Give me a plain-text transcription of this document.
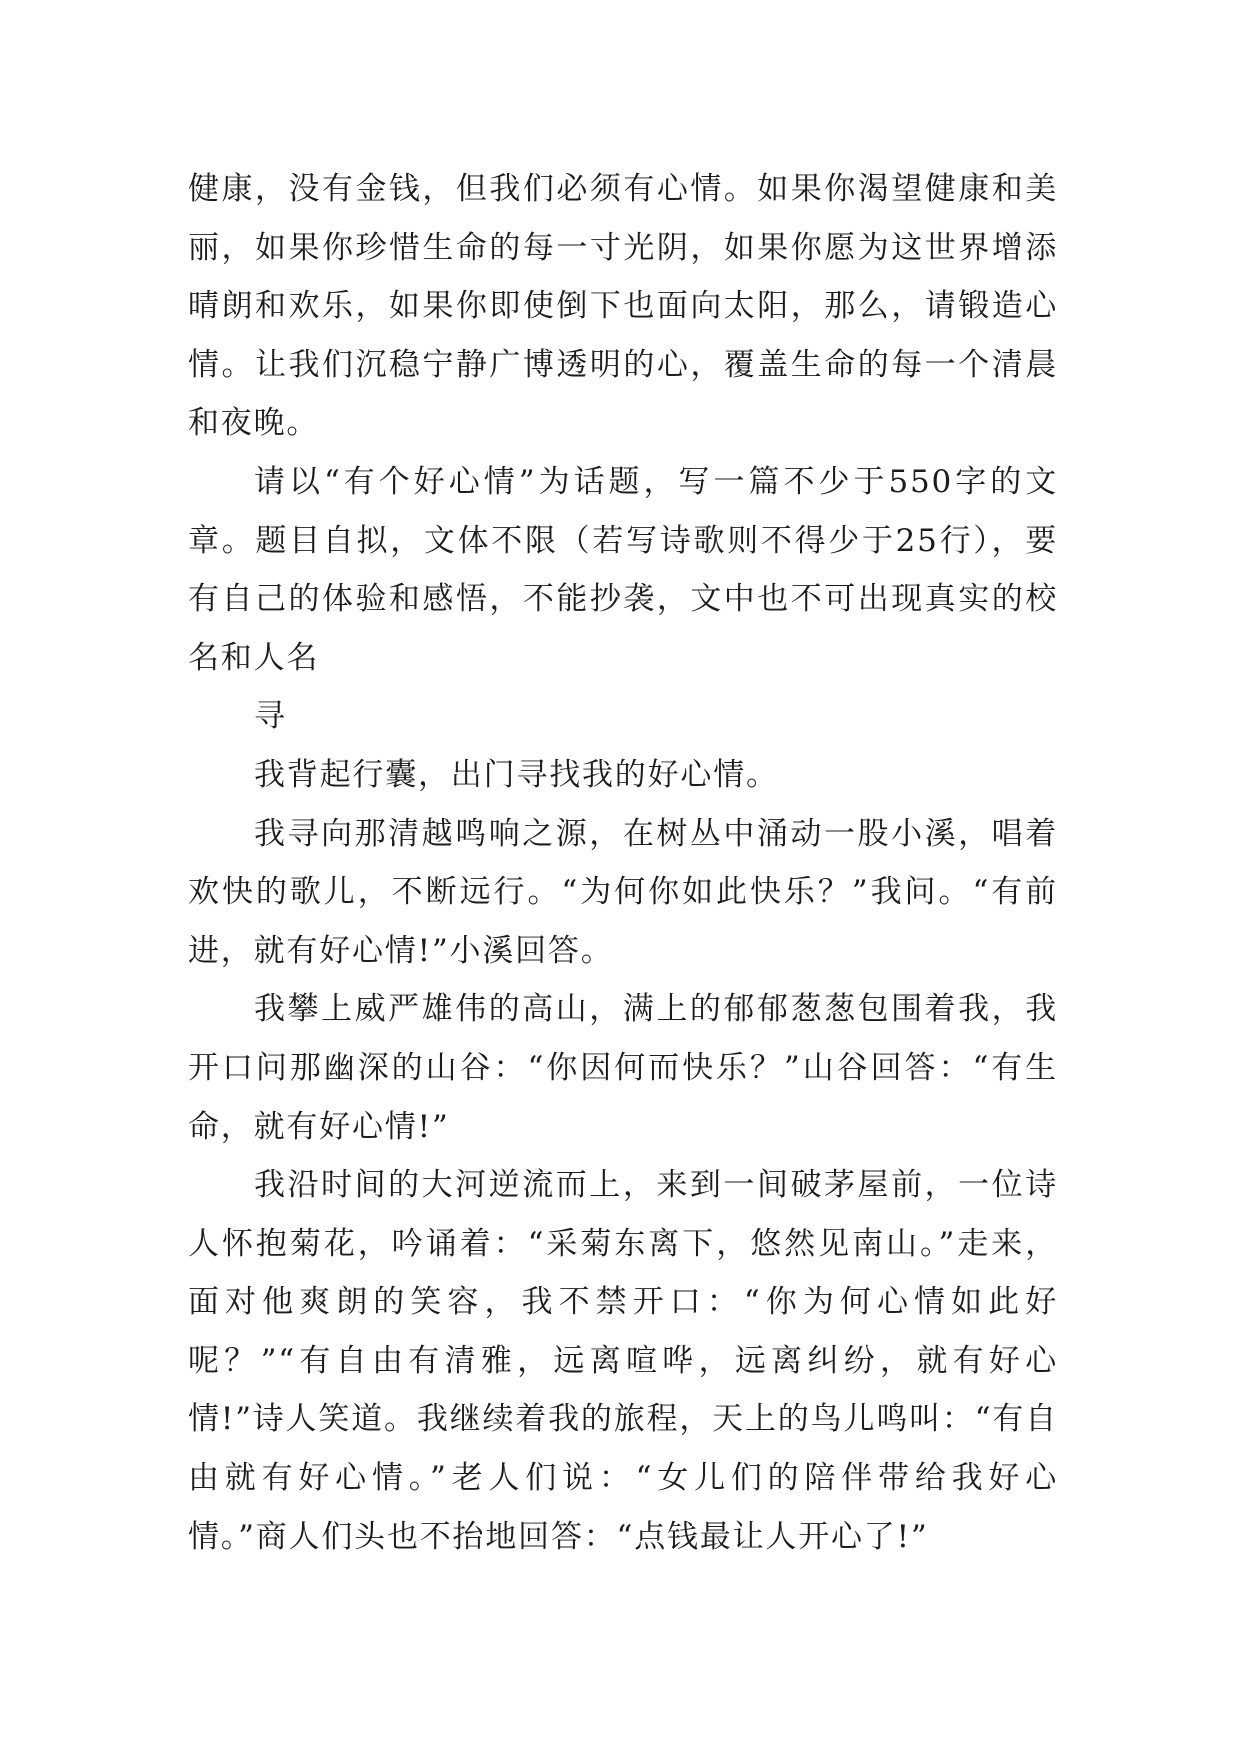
健康，没有金钱，但我们必须有心情。如果你渴望健康和美丽，如果你珍惜生命的每一寸光阴，如果你愿为这世界增添晴朗和欢乐，如果你即使倒下也面向太阳，那么，请锻造心情。让我们沉稳宁静广博透明的心，覆盖生命的每一个清晨和夜晚。

请以“有个好心情”为话题，写一篇不少于550字的文章。题目自拟，文体不限（若写诗歌则不得少于25行），要有自己的体验和感悟，不能抄袭，文中也不可出现真实的校名和人名

寻

我背起行囊，出门寻找我的好心情。

我寻向那清越鸣响之源，在树丛中涌动一股小溪，唱着欢快的歌儿，不断远行。“为何你如此快乐？”我问。“有前进，就有好心情!”小溪回答。

我攀上威严雄伟的高山，满上的郁郁葱葱包围着我，我开口问那幽深的山谷：“你因何而快乐？”山谷回答：“有生命，就有好心情!”

我沿时间的大河逆流而上，来到一间破茅屋前，一位诗人怀抱菊花，吟诵着：“采菊东离下，悠然见南山。”走来，面对他爽朗的笑容，我不禁开口：“你为何心情如此好呢？”“有自由有清雅，远离喧哗，远离纠纷，就有好心情!”诗人笑道。我继续着我的旅程，天上的鸟儿鸣叫：“有自由就有好心情。”老人们说：“女儿们的陪伴带给我好心情。”商人们头也不抬地回答：“点钱最让人开心了!”
